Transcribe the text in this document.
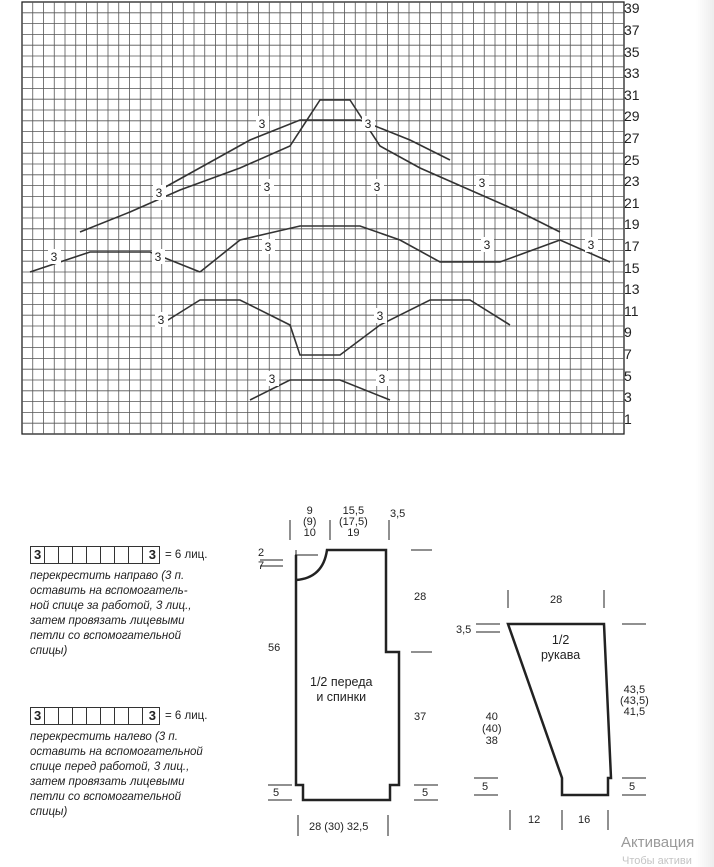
3	3
3	3	3	3
3	3	3
3	3
3	3
3	3
39
37
35
33
31
29
27
25
23
21
19
17
15
13
11
9
7
5
3
1
3	3 = 6 лиц.
перекрестить направо (3 п.
оставить на вспомогатель-
ной спице за работой, 3 лиц.,
затем провязать лицевыми
петли со вспомогательной
спицы)
3	3 = 6 лиц.
перекрестить налево (3 п.
оставить на вспомогательной
спице перед работой, 3 лиц.,
затем провязать лицевыми
петли со вспомогательной
спицы)
9
(9)
10
15,5
(17,5)
19
3,5
2
7
28
56
1/2 переда
и спинки
37
5	5
28 (30) 32,5
28
3,5
1/2
рукава
43,5
(43,5)
41,5
40
(40)
38
5	5
12	16
Активация
Чтобы активи
